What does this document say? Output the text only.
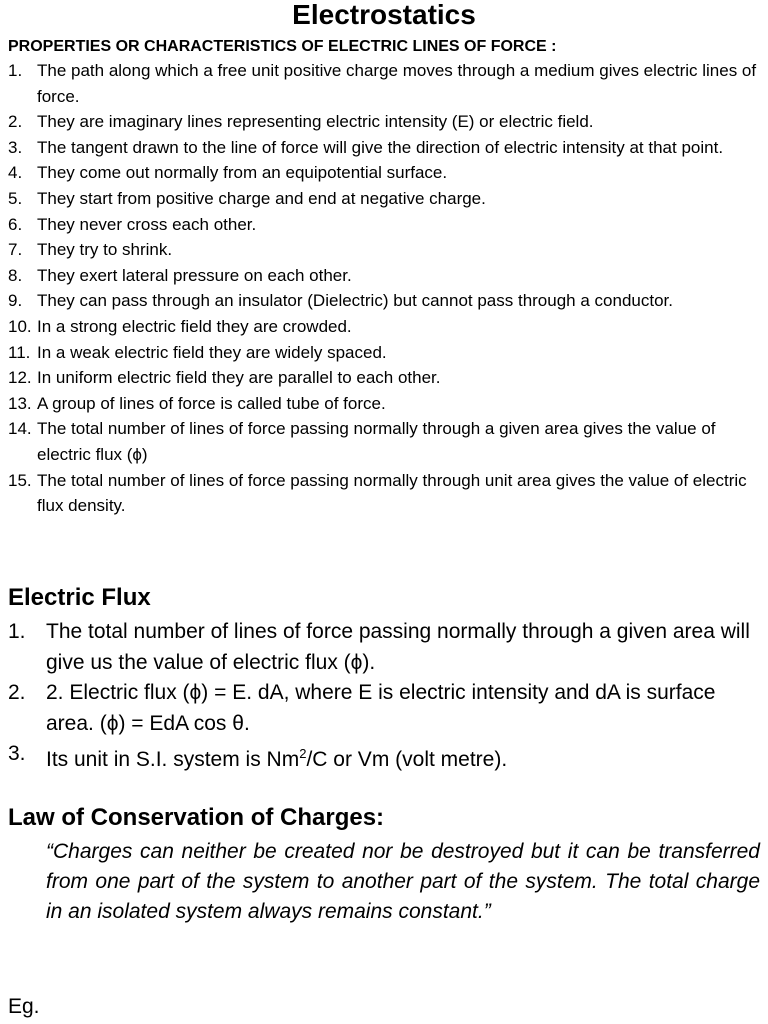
Electrostatics
PROPERTIES OR CHARACTERISTICS OF ELECTRIC LINES OF FORCE :
1. The path along which a free unit positive charge moves through a medium gives electric lines of force.
2. They are imaginary lines representing electric intensity (E) or electric field.
3. The tangent drawn to the line of force will give the direction of electric intensity at that point.
4. They come out normally from an equipotential surface.
5. They start from positive charge and end at negative charge.
6. They never cross each other.
7. They try to shrink.
8. They exert lateral pressure on each other.
9. They can pass through an insulator (Dielectric) but cannot pass through a conductor.
10. In a strong electric field they are crowded.
11. In a weak electric field they are widely spaced.
12. In uniform electric field they are parallel to each other.
13. A group of lines of force is called tube of force.
14. The total number of lines of force passing normally through a given area gives the value of electric flux (ϕ)
15. The total number of lines of force passing normally through unit area gives the value of electric flux density.
Electric Flux
1. The total number of lines of force passing normally through a given area will give us the value of electric flux (ϕ).
2. 2. Electric flux (ϕ) = E. dA, where E is electric intensity and dA is surface area. (ϕ) = EdA cos θ.
3. Its unit in S.I. system is Nm$^2$/C or Vm (volt metre).
Law of Conservation of Charges:
“Charges can neither be created nor be destroyed but it can be transferred from one part of the system to another part of the system. The total charge in an isolated system always remains constant.”
Eg.
